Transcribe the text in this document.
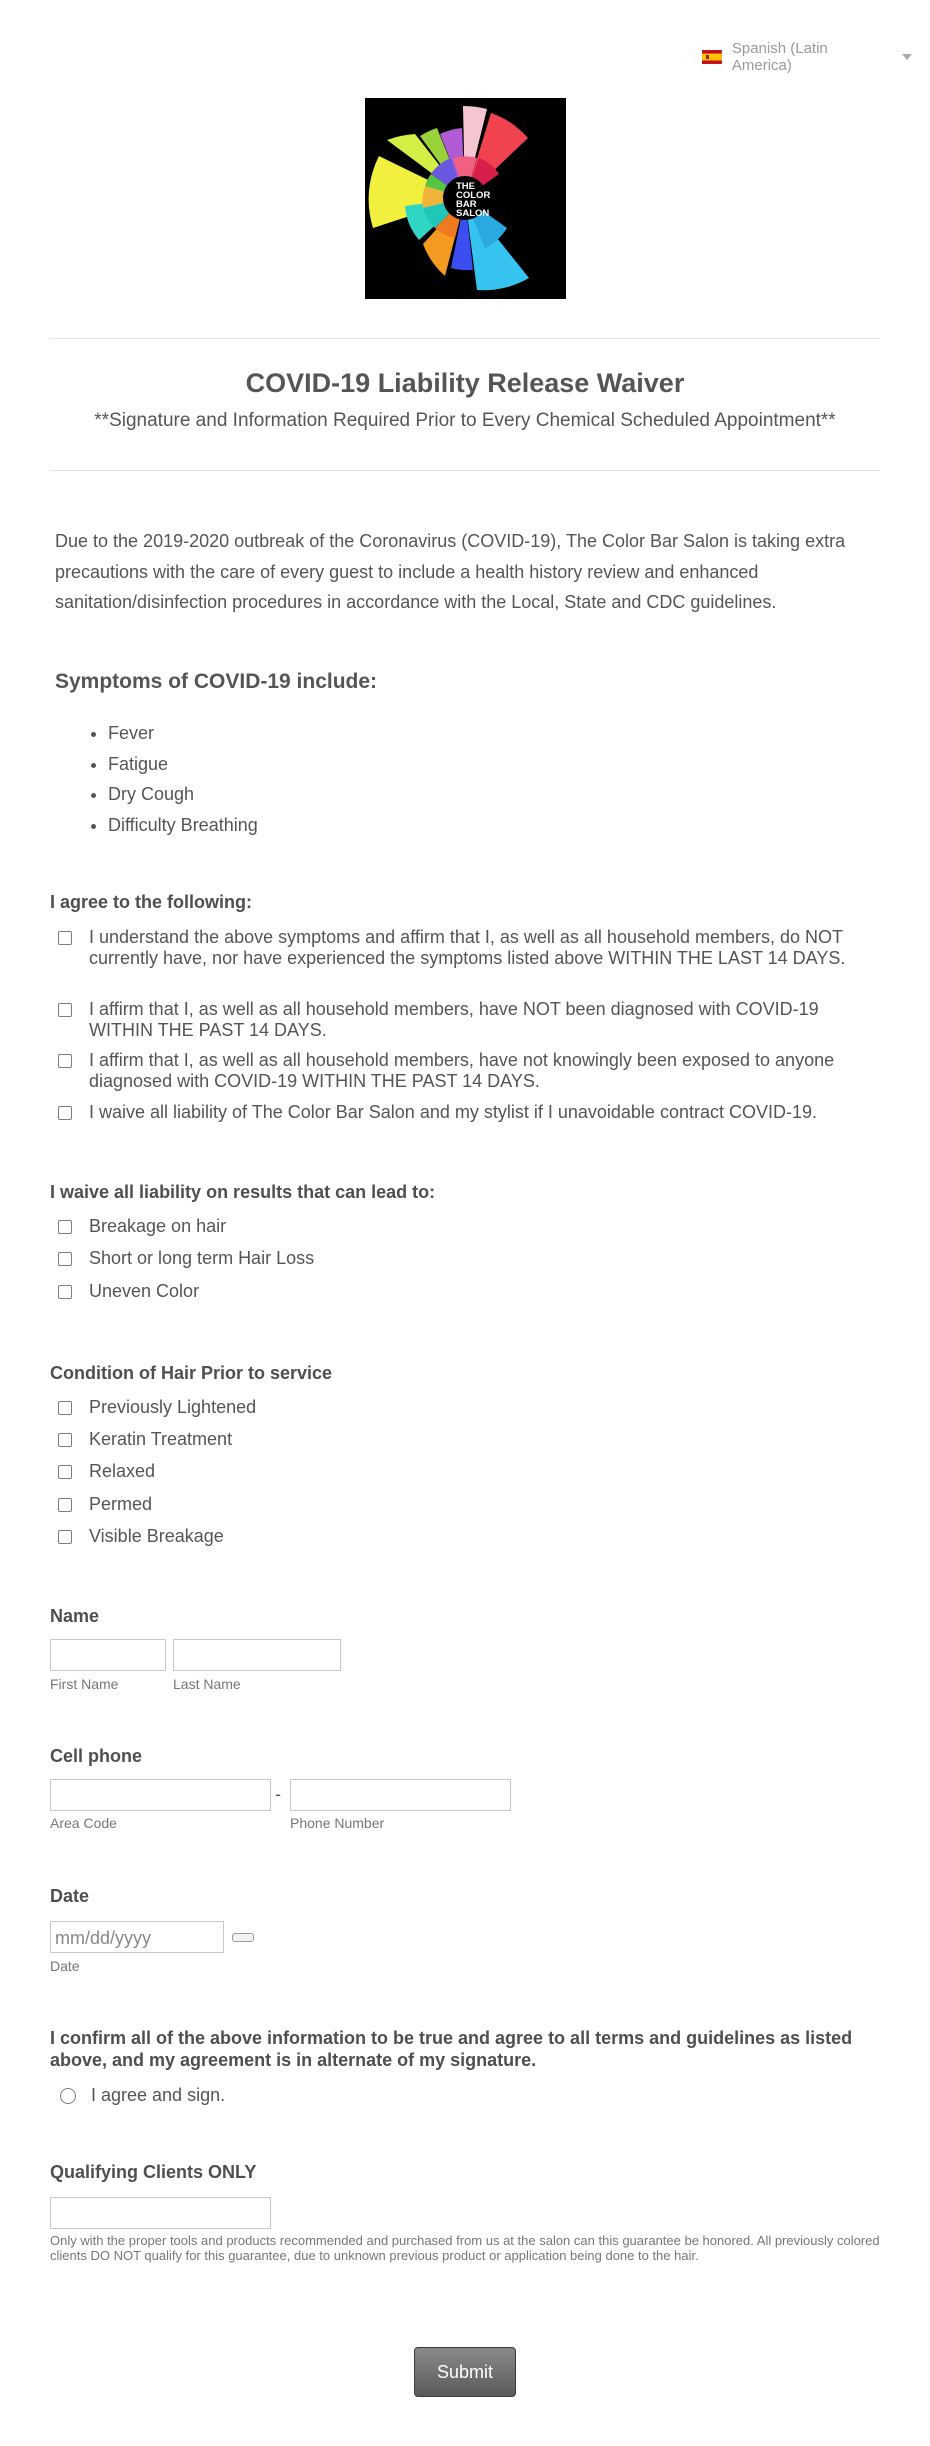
Spanish (Latin America)
THE COLOR BAR SALON
COVID-19 Liability Release Waiver
**Signature and Information Required Prior to Every Chemical Scheduled Appointment**
Due to the 2019-2020 outbreak of the Coronavirus (COVID-19), The Color Bar Salon is taking extra precautions with the care of every guest to include a health history review and enhanced sanitation/disinfection procedures in accordance with the Local, State and CDC guidelines.
Symptoms of COVID-19 include:
• Fever
• Fatigue
• Dry Cough
• Difficulty Breathing
I agree to the following:
I understand the above symptoms and affirm that I, as well as all household members, do NOT currently have, nor have experienced the symptoms listed above WITHIN THE LAST 14 DAYS.
I affirm that I, as well as all household members, have NOT been diagnosed with COVID-19 WITHIN THE PAST 14 DAYS.
I affirm that I, as well as all household members, have not knowingly been exposed to anyone diagnosed with COVID-19 WITHIN THE PAST 14 DAYS.
I waive all liability of The Color Bar Salon and my stylist if I unavoidable contract COVID-19.
I waive all liability on results that can lead to:
Breakage on hair
Short or long term Hair Loss
Uneven Color
Condition of Hair Prior to service
Previously Lightened
Keratin Treatment
Relaxed
Permed
Visible Breakage
Name
First Name	Last Name
Cell phone
-
Area Code	Phone Number
Date
mm/dd/yyyy
Date
I confirm all of the above information to be true and agree to all terms and guidelines as listed above, and my agreement is in alternate of my signature.
I agree and sign.
Qualifying Clients ONLY
Only with the proper tools and products recommended and purchased from us at the salon can this guarantee be honored. All previously colored clients DO NOT qualify for this guarantee, due to unknown previous product or application being done to the hair.
Submit
